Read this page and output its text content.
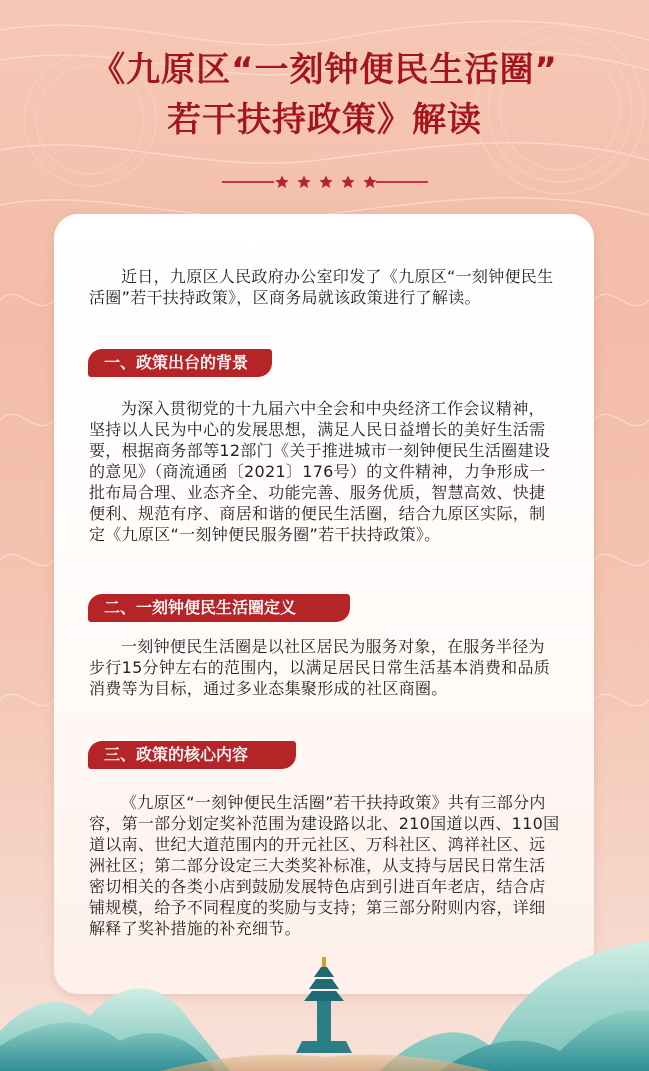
《九原区“一刻钟便民生活圈”
若干扶持政策》解读

近日，九原区人民政府办公室印发了《九原区“一刻钟便民生活圈”若干扶持政策》，区商务局就该政策进行了解读。

一、政策出台的背景

为深入贯彻党的十九届六中全会和中央经济工作会议精神，坚持以人民为中心的发展思想，满足人民日益增长的美好生活需要，根据商务部等12部门《关于推进城市一刻钟便民生活圈建设的意见》（商流通函〔2021〕176号）的文件精神，力争形成一批布局合理、业态齐全、功能完善、服务优质，智慧高效、快捷便利、规范有序、商居和谐的便民生活圈，结合九原区实际，制定《九原区“一刻钟便民服务圈”若干扶持政策》。

二、一刻钟便民生活圈定义

一刻钟便民生活圈是以社区居民为服务对象，在服务半径为步行15分钟左右的范围内，以满足居民日常生活基本消费和品质消费等为目标，通过多业态集聚形成的社区商圈。

三、政策的核心内容

《九原区“一刻钟便民生活圈”若干扶持政策》共有三部分内容，第一部分划定奖补范围为建设路以北、210国道以西、110国道以南、世纪大道范围内的开元社区、万科社区、鸿祥社区、远洲社区；第二部分设定三大类奖补标准，从支持与居民日常生活密切相关的各类小店到鼓励发展特色店到引进百年老店，结合店铺规模，给予不同程度的奖励与支持；第三部分附则内容，详细解释了奖补措施的补充细节。
